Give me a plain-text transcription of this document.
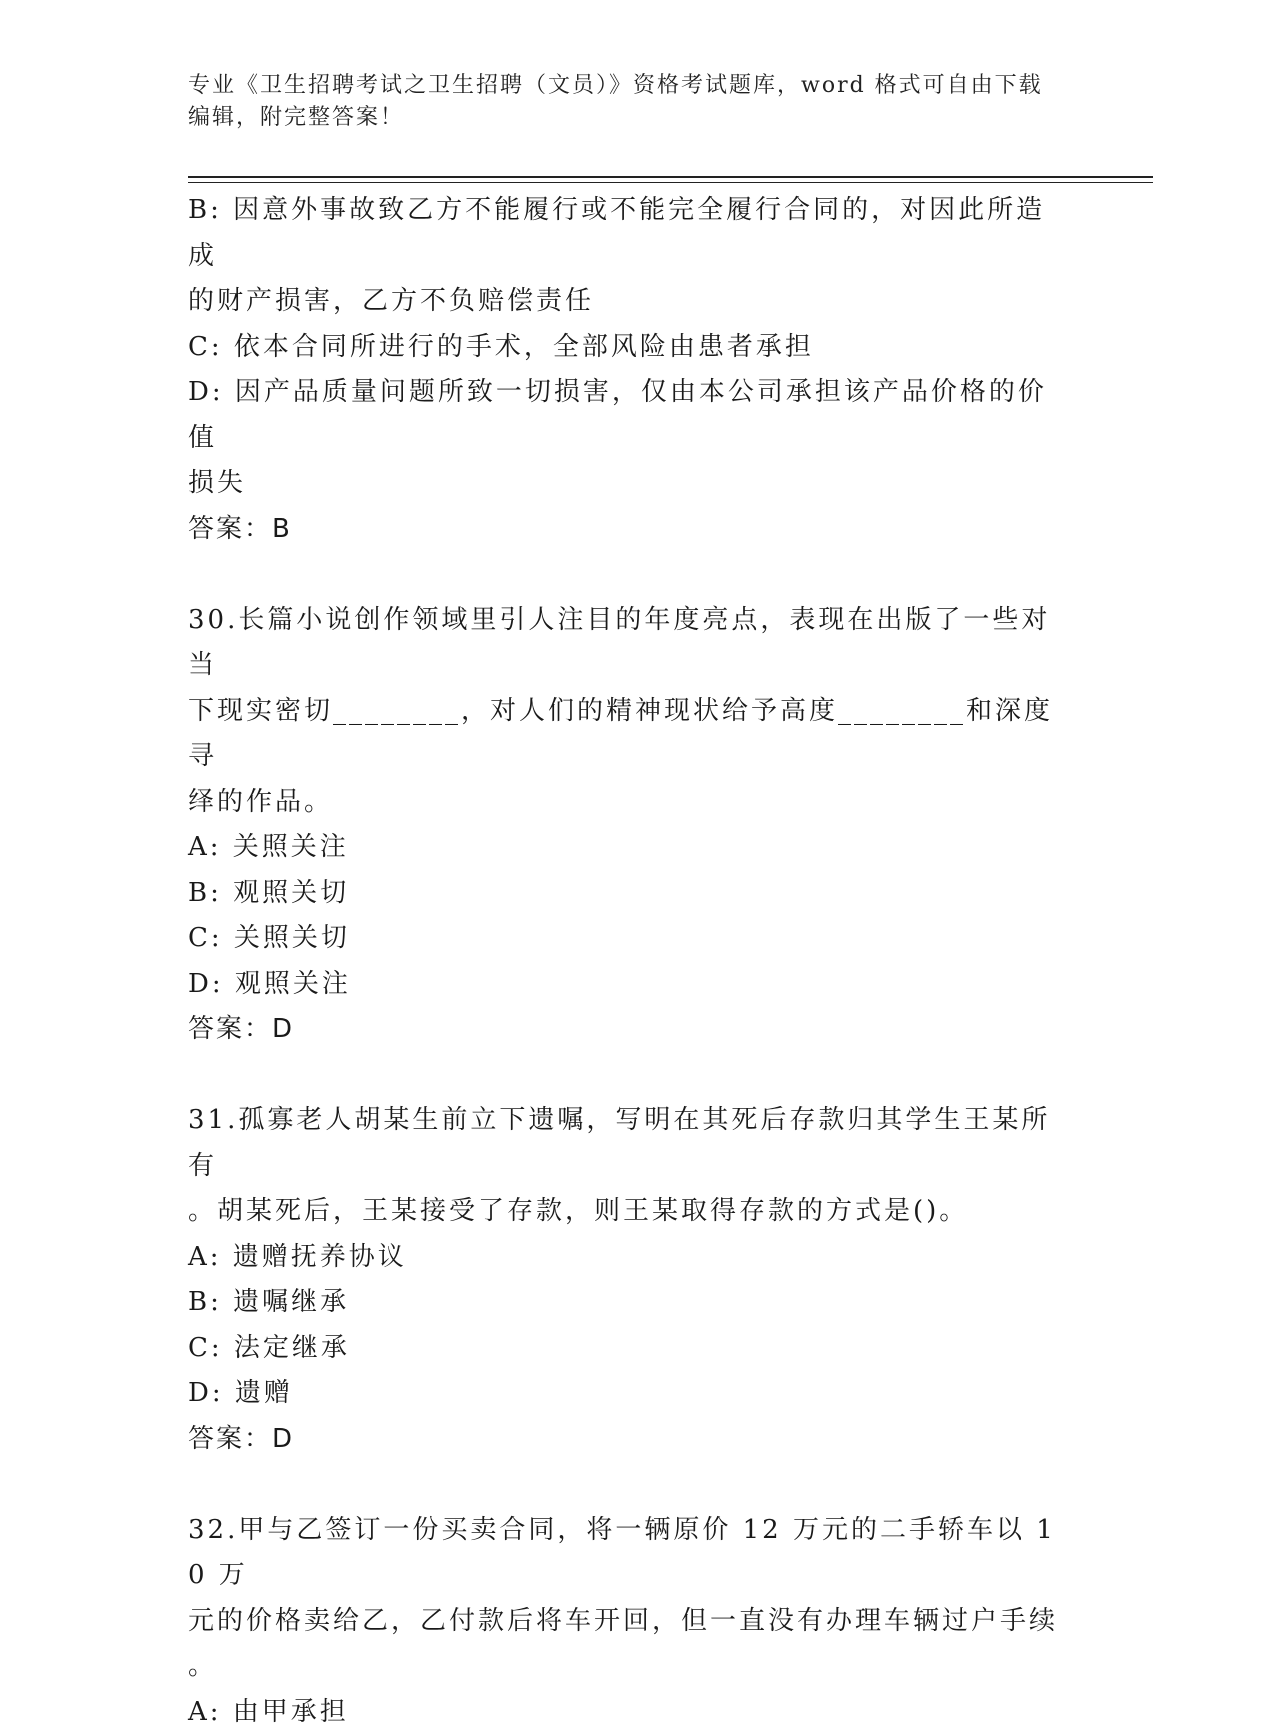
专业《卫生招聘考试之卫生招聘（文员）》资格考试题库，word 格式可自由下载
编辑，附完整答案！

B: 因意外事故致乙方不能履行或不能完全履行合同的，对因此所造成

的财产损害，乙方不负赔偿责任

C: 依本合同所进行的手术，全部风险由患者承担

D: 因产品质量问题所致一切损害，仅由本公司承担该产品价格的价值

损失

答案：B

30.长篇小说创作领域里引人注目的年度亮点，表现在出版了一些对当

下现实密切________，对人们的精神现状给予高度________和深度寻

绎的作品。

A: 关照关注

B: 观照关切

C: 关照关切

D: 观照关注

答案：D

31.孤寡老人胡某生前立下遗嘱，写明在其死后存款归其学生王某所有

。胡某死后，王某接受了存款，则王某取得存款的方式是()。

A: 遗赠抚养协议

B: 遗嘱继承

C: 法定继承

D: 遗赠

答案：D

32.甲与乙签订一份买卖合同，将一辆原价 12 万元的二手轿车以 10 万

元的价格卖给乙，乙付款后将车开回，但一直没有办理车辆过户手续

。

A: 由甲承担
